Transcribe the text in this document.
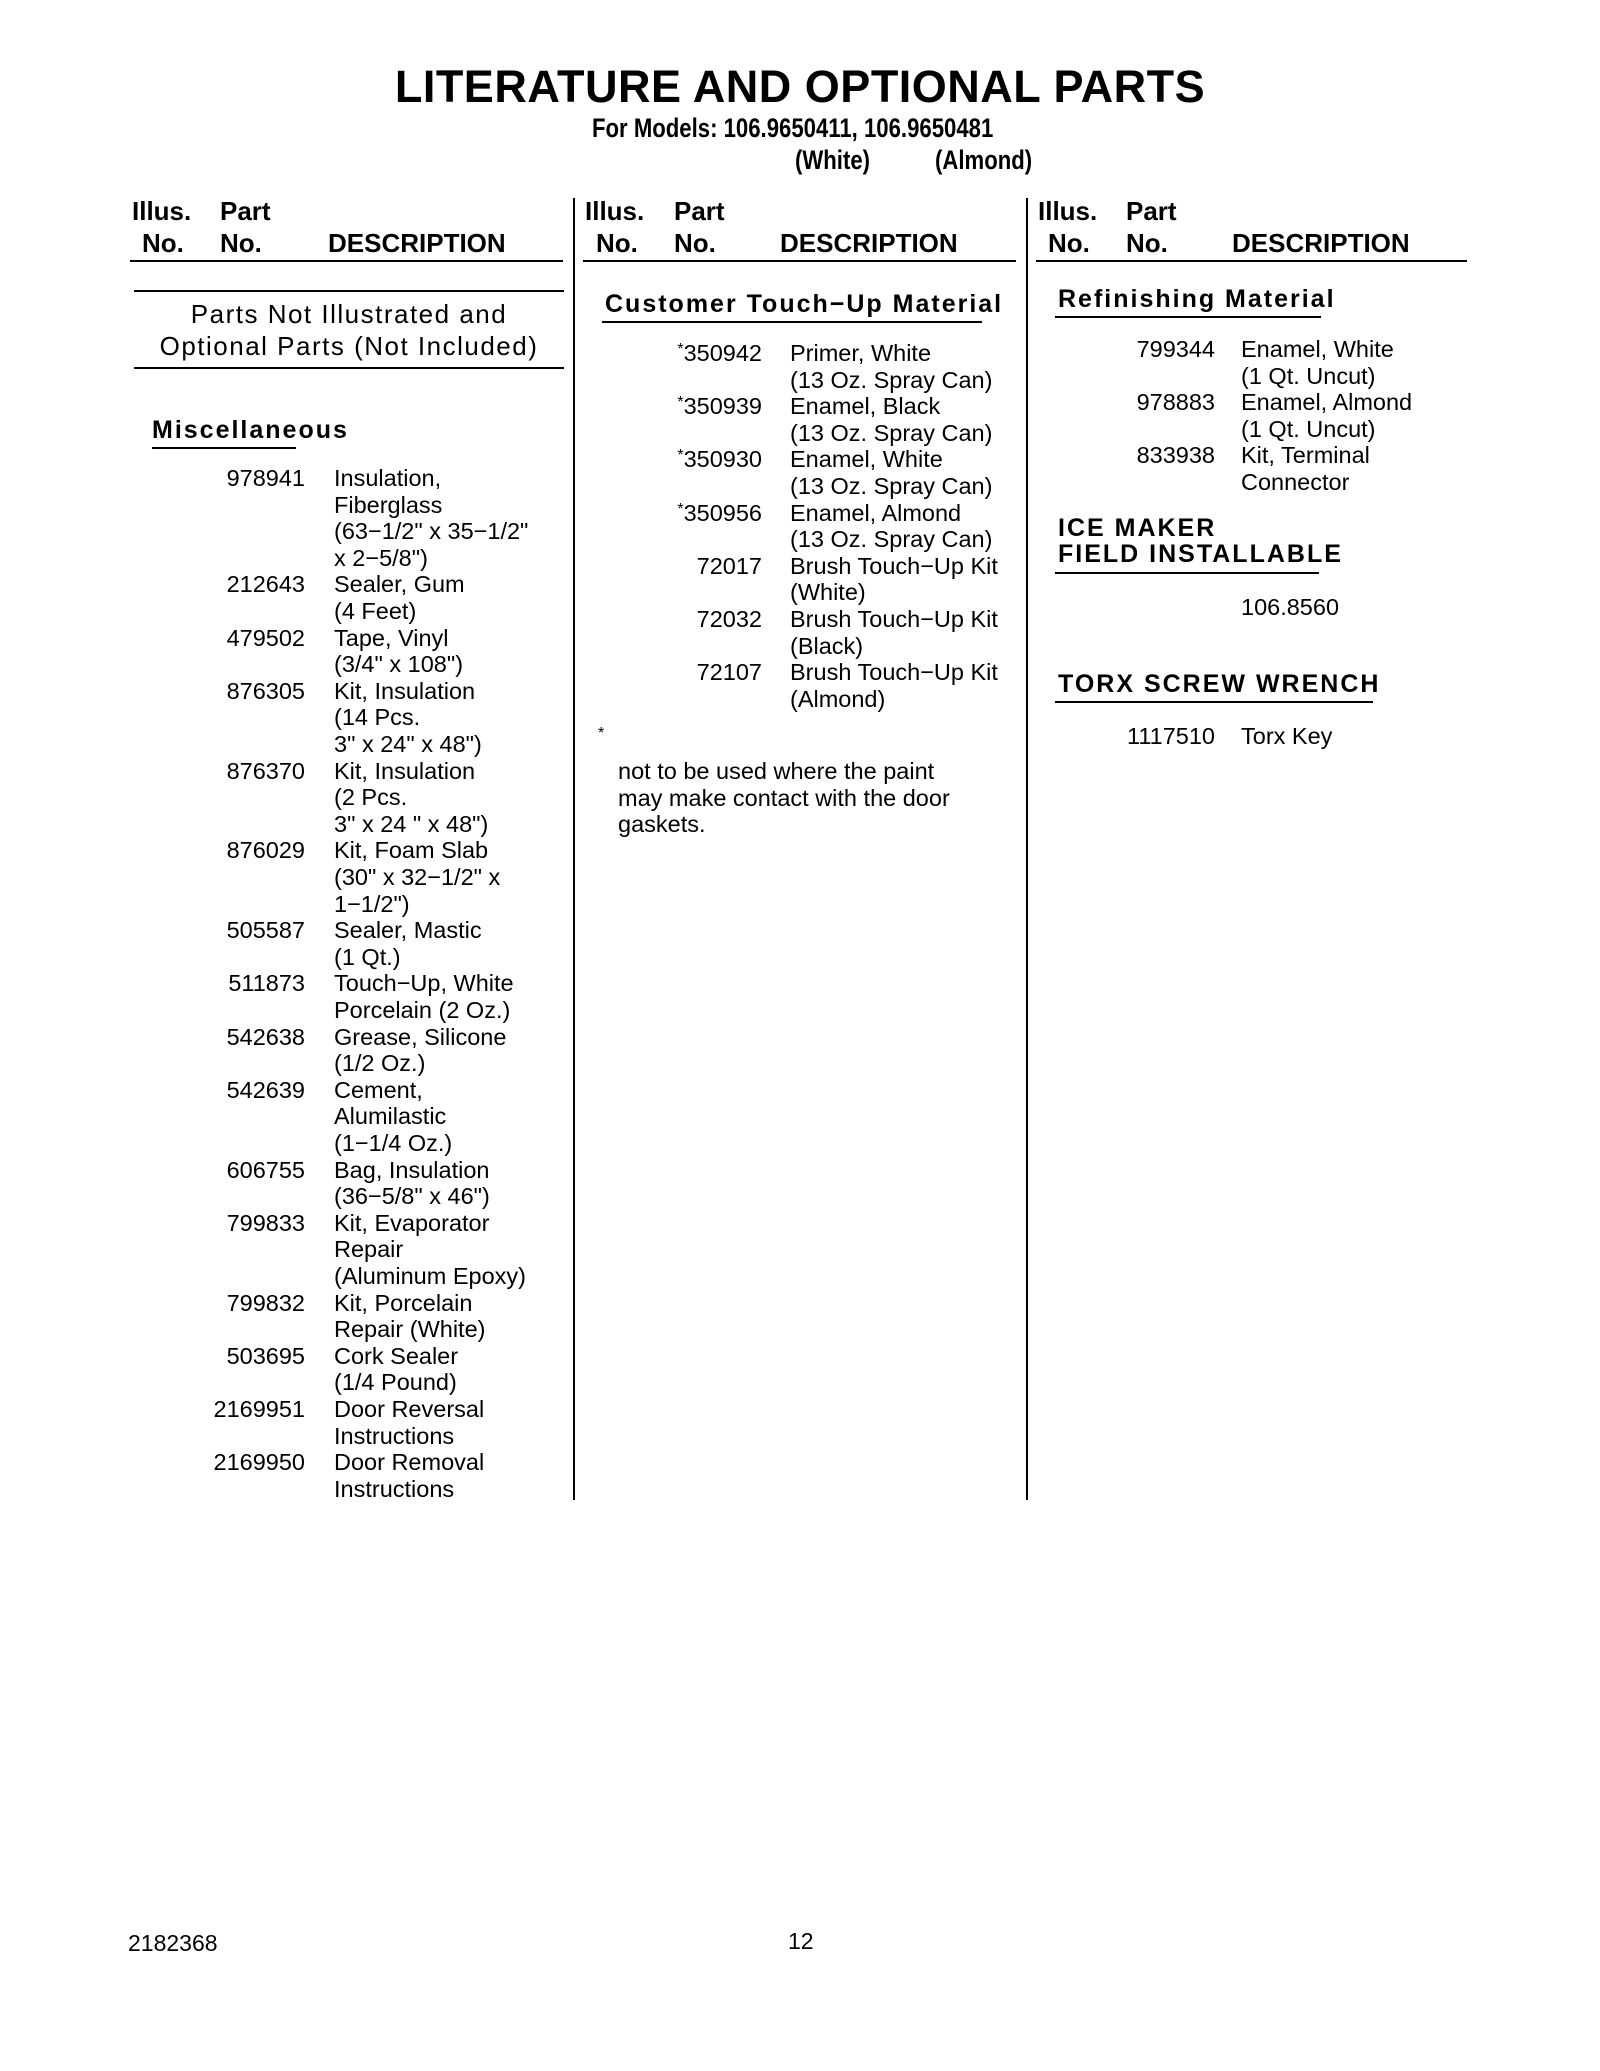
LITERATURE AND OPTIONAL PARTS
For Models: 106.9650411, 106.9650481
(White) (Almond)
Illus. Part
No. No.	DESCRIPTION
Illus. Part
No. No. DESCRIPTION
Illus. Part
No. No. DESCRIPTION
Parts Not Illustrated and
Optional Parts (Not Included)
Miscellaneous
978941 Insulation,
Fiberglass
(63−1/2" x 35−1/2"
x 2−5/8")
212643 Sealer, Gum
(4 Feet)
479502 Tape, Vinyl
(3/4" x 108")
876305 Kit, Insulation
(14 Pcs.
3" x 24" x 48")
876370 Kit, Insulation
(2 Pcs.
3" x 24 " x 48")
876029 Kit, Foam Slab
(30" x 32−1/2" x
1−1/2")
505587 Sealer, Mastic
(1 Qt.)
511873 Touch−Up, White
Porcelain (2 Oz.)
542638 Grease, Silicone
(1/2 Oz.)
542639 Cement,
Alumilastic
(1−1/4 Oz.)
606755 Bag, Insulation
(36−5/8" x 46")
799833 Kit, Evaporator
Repair
(Aluminum Epoxy)
799832 Kit, Porcelain
Repair (White)
503695 Cork Sealer
(1/4 Pound)
2169951 Door Reversal
Instructions
2169950 Door Removal
Instructions
Customer Touch−Up Material
*350942 Primer, White
(13 Oz. Spray Can)
*350939 Enamel, Black
(13 Oz. Spray Can)
*350930 Enamel, White
(13 Oz. Spray Can)
*350956 Enamel, Almond
(13 Oz. Spray Can)
72017 Brush Touch−Up Kit
(White)
72032 Brush Touch−Up Kit
(Black)
72107 Brush Touch−Up Kit
(Almond)
*
not to be used where the paint
may make contact with the door
gaskets.
Refinishing Material
799344 Enamel, White
(1 Qt. Uncut)
978883 Enamel, Almond
(1 Qt. Uncut)
833938 Kit, Terminal
Connector
ICE MAKER
FIELD INSTALLABLE
106.8560
TORX SCREW WRENCH
1117510 Torx Key
2182368	12
